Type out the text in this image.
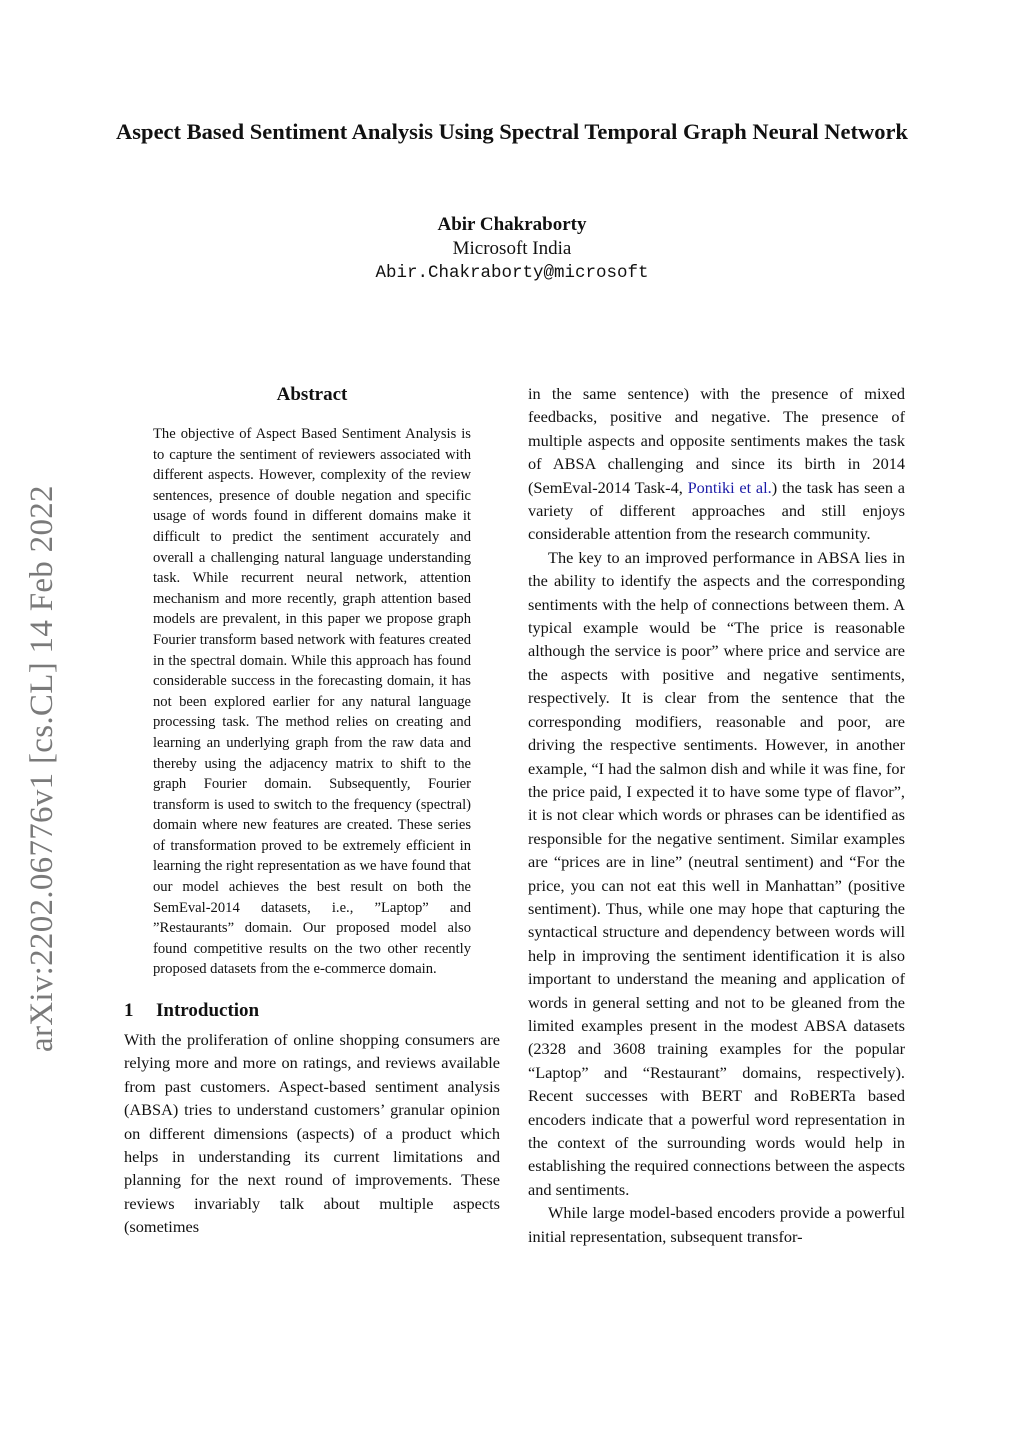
arXiv:2202.06776v1 [cs.CL] 14 Feb 2022
Aspect Based Sentiment Analysis Using Spectral Temporal Graph Neural Network
Abir Chakraborty
Microsoft India
Abir.Chakraborty@microsoft
Abstract

The objective of Aspect Based Sentiment Analysis is to capture the sentiment of reviewers associated with different aspects. However, complexity of the review sentences, presence of double negation and specific usage of words found in different domains make it difficult to predict the sentiment accurately and overall a challenging natural language understanding task. While recurrent neural network, attention mechanism and more recently, graph attention based models are prevalent, in this paper we propose graph Fourier transform based network with features created in the spectral domain. While this approach has found considerable success in the forecasting domain, it has not been explored earlier for any natural language processing task. The method relies on creating and learning an underlying graph from the raw data and thereby using the adjacency matrix to shift to the graph Fourier domain. Subsequently, Fourier transform is used to switch to the frequency (spectral) domain where new features are created. These series of transformation proved to be extremely efficient in learning the right representation as we have found that our model achieves the best result on both the SemEval-2014 datasets, i.e., ”Laptop” and ”Restaurants” domain. Our proposed model also found competitive results on the two other recently proposed datasets from the e-commerce domain.

1 Introduction

With the proliferation of online shopping consumers are relying more and more on ratings, and reviews available from past customers. Aspect-based sentiment analysis (ABSA) tries to understand customers’ granular opinion on different dimensions (aspects) of a product which helps in understanding its current limitations and planning for the next round of improvements. These reviews invariably talk about multiple aspects (sometimes

in the same sentence) with the presence of mixed feedbacks, positive and negative. The presence of multiple aspects and opposite sentiments makes the task of ABSA challenging and since its birth in 2014 (SemEval-2014 Task-4, Pontiki et al.) the task has seen a variety of different approaches and still enjoys considerable attention from the research community.

The key to an improved performance in ABSA lies in the ability to identify the aspects and the corresponding sentiments with the help of connections between them. A typical example would be “The price is reasonable although the service is poor” where price and service are the aspects with positive and negative sentiments, respectively. It is clear from the sentence that the corresponding modifiers, reasonable and poor, are driving the respective sentiments. However, in another example, “I had the salmon dish and while it was fine, for the price paid, I expected it to have some type of flavor”, it is not clear which words or phrases can be identified as responsible for the negative sentiment. Similar examples are “prices are in line” (neutral sentiment) and “For the price, you can not eat this well in Manhattan” (positive sentiment). Thus, while one may hope that capturing the syntactical structure and dependency between words will help in improving the sentiment identification it is also important to understand the meaning and application of words in general setting and not to be gleaned from the limited examples present in the modest ABSA datasets (2328 and 3608 training examples for the popular “Laptop” and “Restaurant” domains, respectively). Recent successes with BERT and RoBERTa based encoders indicate that a powerful word representation in the context of the surrounding words would help in establishing the required connections between the aspects and sentiments.

While large model-based encoders provide a powerful initial representation, subsequent transfor-
